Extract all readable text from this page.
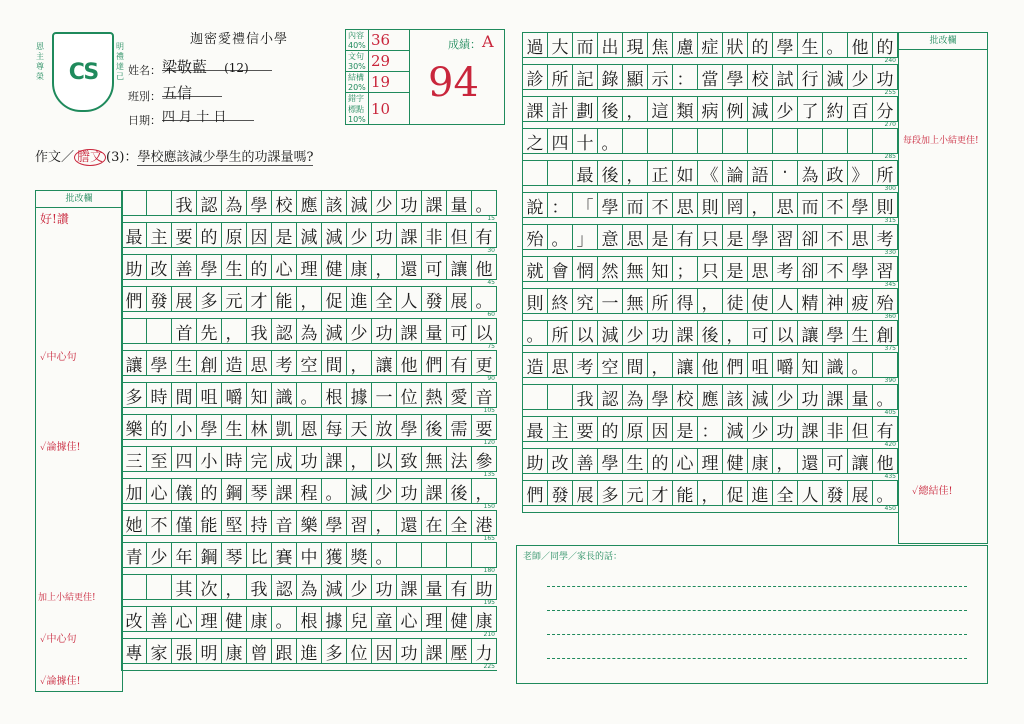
CS
恩主尊榮
明禮達己
迦密愛禮信小學
姓名： 梁敬藍 (12)
班別： 五信
日期： 四 月 十 日
內容 40%	36	
文句 30%	29	
結構 20%	19	
錯字 標點 10%	10	
成績： A
94
作文／ 謄文 (3)：學校應該減少學生的功課量嗎?
批改欄
好!讚

我 認 為 學 校 應 該 減 少 功 課 量 。
15
最 主 要 的 原 因 是 減 減 少 功 課 非 但 有
30
助 改 善 學 生 的 心 理 健 康 ， 還 可 讓 他
45
們 發 展 多 元 才 能 ， 促 進 全 人 發 展 。
60

首 先 ， 我 認 為 減 少 功 課 量 可 以
75
讓 學 生 創 造 思 考 空 間 ， 讓 他 們 有 更
90
多 時 間 咀 嚼 知 識 。 根 據 一 位 熱 愛 音
105
樂 的 小 學 生 林 凱 恩 每 天 放 學 後 需 要
120
三 至 四 小 時 完 成 功 課 ， 以 致 無 法 參
135
加 心 儀 的 鋼 琴 課 程 。 減 少 功 課 後 ，
150
她 不 僅 能 堅 持 音 樂 學 習 ， 還 在 全 港
165
青 少 年 鋼 琴 比 賽 中 獲 獎 。
180

其 次 ， 我 認 為 減 少 功 課 量 有 助
195
改 善 心 理 健 康 。 根 據 兒 童 心 理 健 康
210
專 家 張 明 康 曾 跟 進 多 位 因 功 課 壓 力
225
✓中心句
✓論據佳!
加上小結更佳!
✓中心句
✓論據佳!
過 大 而 出 現 焦 慮 症 狀 的 學 生 。 他 的
240
診 所 記 錄 顯 示 ： 當 學 校 試 行 減 少 功
255
課 計 劃 後 ， 這 類 病 例 減 少 了 約 百 分
270
之 四 十 。
285

最 後 ， 正 如 《 論 語 ‧ 為 政 》 所
300
說 ： 「 學 而 不 思 則 罔 ， 思 而 不 學 則
315
殆 。 」 意 思 是 有 只 是 學 習 卻 不 思 考
330
就 會 惘 然 無 知 ； 只 是 思 考 卻 不 學 習
345
則 終 究 一 無 所 得 ， 徒 使 人 精 神 疲 殆
360
。 所 以 減 少 功 課 後 ， 可 以 讓 學 生 創
375
造 思 考 空 間 ， 讓 他 們 咀 嚼 知 識 。
390

我 認 為 學 校 應 該 減 少 功 課 量 。
405
最 主 要 的 原 因 是 ： 減 少 功 課 非 但 有
420
助 改 善 學 生 的 心 理 健 康 ， 還 可 讓 他
435
們 發 展 多 元 才 能 ， 促 進 全 人 發 展 。
450
批改欄
每段加上小結更佳!
✓總結佳!
老師／同學／家長的話：
